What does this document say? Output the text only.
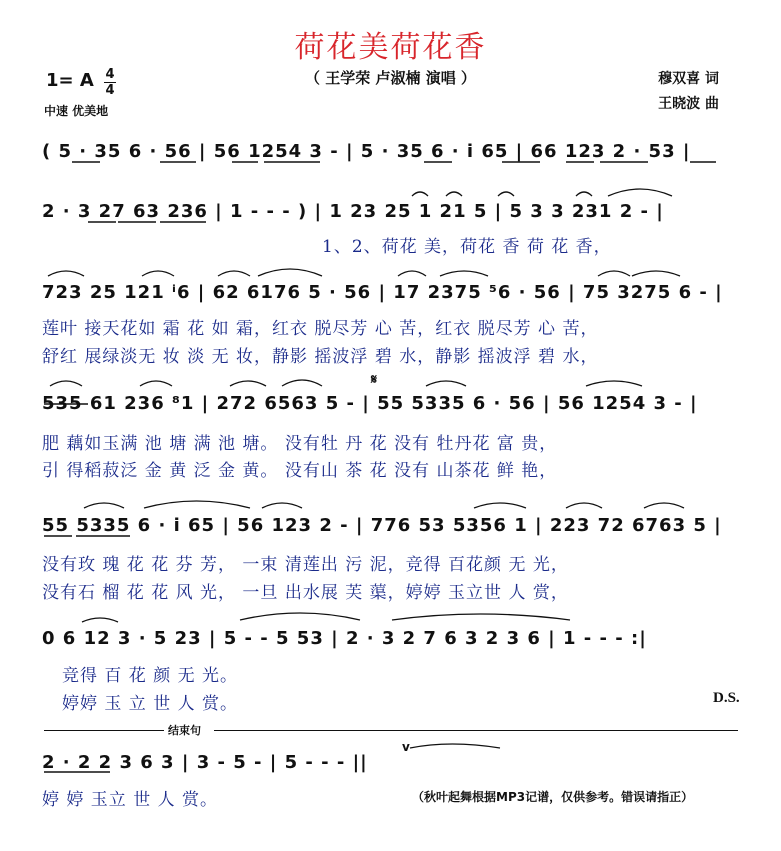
荷花美荷花香
（ 王学荣 卢淑楠 演唱 ）	穆双喜 词
王晓波 曲
1= A 4
4
中速 优美地
( 5 · 35 6 · 56 | 56 1254 3 - | 5 · 35 6 · i 65 | 66 123 2 · 53 |
2 · 3 27 63 236 | 1 - - - ) | 1 23 25 1 21 5 | 5 3 3 231 2 - |
1、2、荷花 美，荷花 香 荷 花 香，
723 25 121 ⁱ6 | 62 6176 5 · 56 | 17 2375 ⁵6 · 56 | 75 3275 6 - |
莲叶 接天花如 霜 花 如 霜，红衣 脱尽芳 心 苦，红衣 脱尽芳 心 苦，
舒红 展绿淡无 妆 淡 无 妆，静影 摇波浮 碧 水，静影 摇波浮 碧 水，
𝄋
535 61 236 ⁸1 | 272 6563 5 - | 55 5335 6 · 56 | 56 1254 3 - |
肥 藕如玉满 池 塘 满 池 塘。 没有牡 丹 花 没有 牡丹花 富 贵，
引 得稻菽泛 金 黄 泛 金 黄。 没有山 茶 花 没有 山茶花 鲜 艳，
55 5335 6 · i 65 | 56 123 2 - | 776 53 5356 1 | 223 72 6763 5 |
没有玫 瑰 花 花 芬 芳， 一束 清莲出 污 泥，竞得 百花颜 无 光，
没有石 榴 花 花 风 光， 一旦 出水展 芙 蕖，婷婷 玉立世 人 赏，
0 6 12 3 · 5 23 | 5 - - 5 53 | 2 · 3 2 7 6 3 2 3 6 | 1 - - - :|
竞得 百 花 颜 无 光。
婷婷 玉 立 世 人 赏。	D.S.
结束句
v
2 · 2 2 3 6 3 | 3 - 5 - | 5 - - - ||
婷 婷 玉立 世 人 赏。	（秋叶起舞根据MP3记谱，仅供参考。错误请指正）
